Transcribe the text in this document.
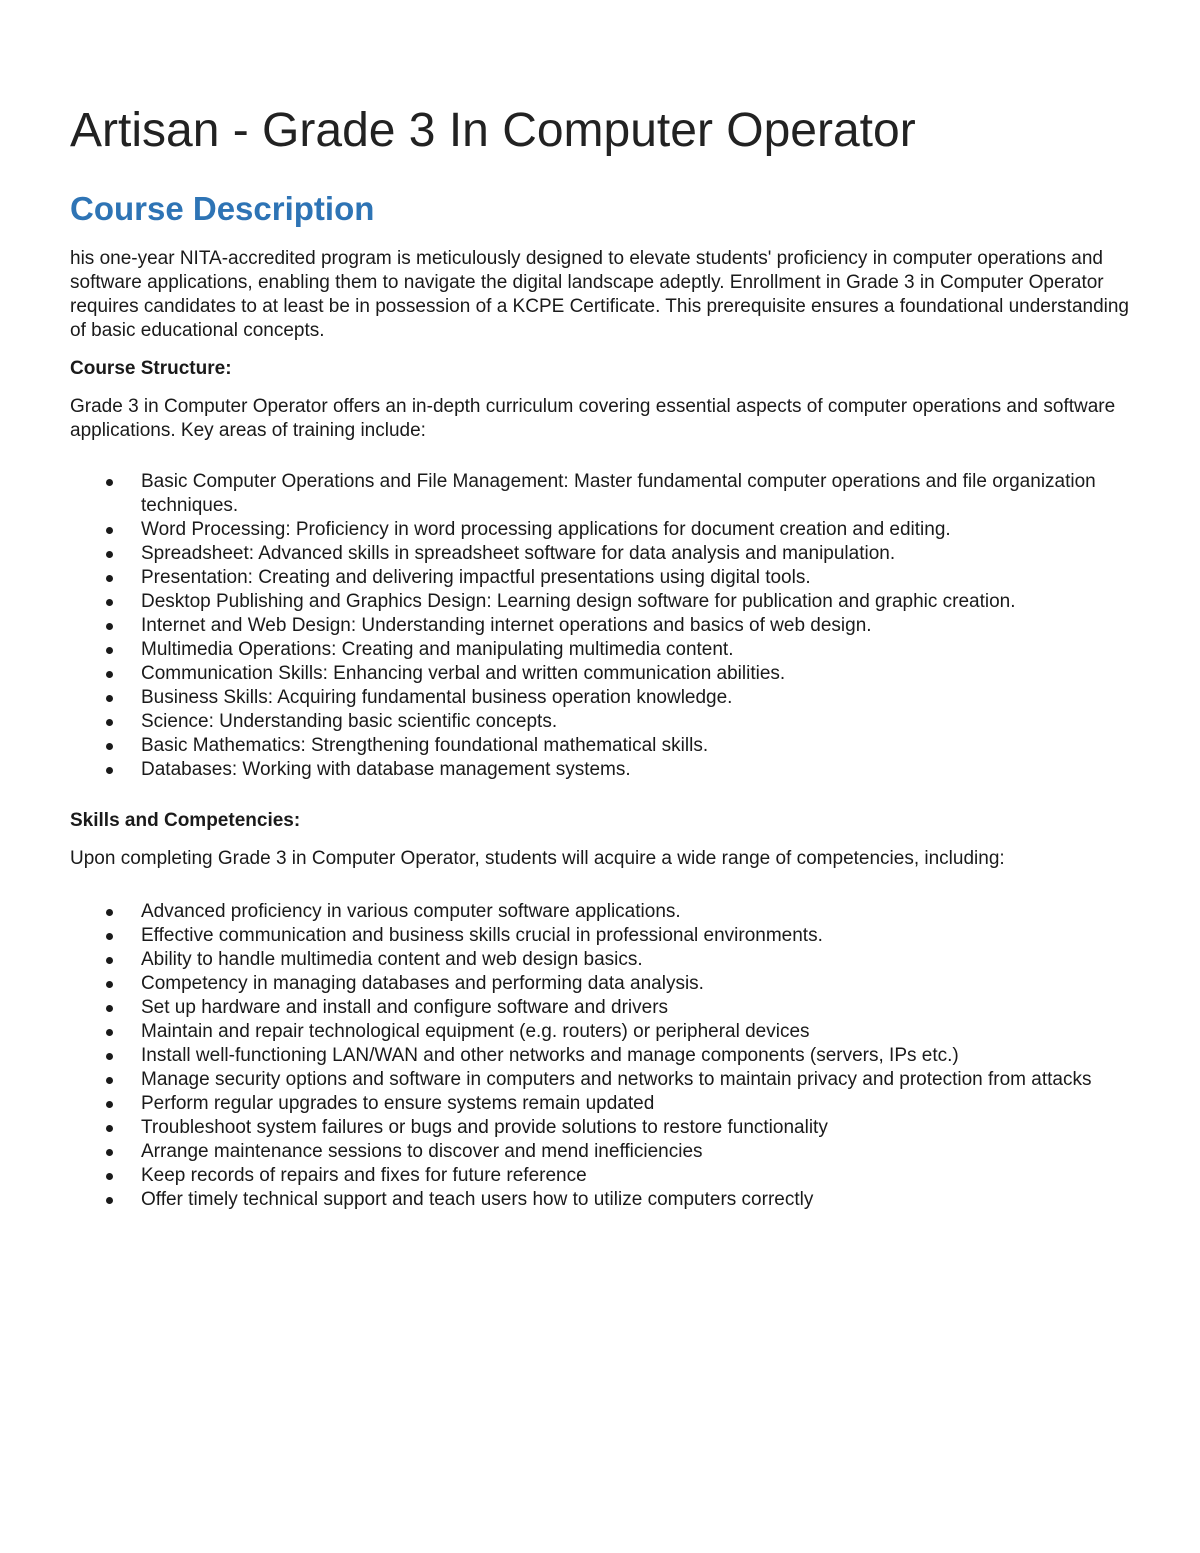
Artisan - Grade 3 In Computer Operator
Course Description

his one-year NITA-accredited program is meticulously designed to elevate students' proficiency in computer operations and software applications, enabling them to navigate the digital landscape adeptly. Enrollment in Grade 3 in Computer Operator requires candidates to at least be in possession of a KCPE Certificate. This prerequisite ensures a foundational understanding of basic educational concepts.

Course Structure:

Grade 3 in Computer Operator offers an in-depth curriculum covering essential aspects of computer operations and software applications. Key areas of training include:

Basic Computer Operations and File Management: Master fundamental computer operations and file organization techniques.
Word Processing: Proficiency in word processing applications for document creation and editing.
Spreadsheet: Advanced skills in spreadsheet software for data analysis and manipulation.
Presentation: Creating and delivering impactful presentations using digital tools.
Desktop Publishing and Graphics Design: Learning design software for publication and graphic creation.
Internet and Web Design: Understanding internet operations and basics of web design.
Multimedia Operations: Creating and manipulating multimedia content.
Communication Skills: Enhancing verbal and written communication abilities.
Business Skills: Acquiring fundamental business operation knowledge.
Science: Understanding basic scientific concepts.
Basic Mathematics: Strengthening foundational mathematical skills.
Databases: Working with database management systems.
Skills and Competencies:

Upon completing Grade 3 in Computer Operator, students will acquire a wide range of competencies, including:

Advanced proficiency in various computer software applications.
Effective communication and business skills crucial in professional environments.
Ability to handle multimedia content and web design basics.
Competency in managing databases and performing data analysis.
Set up hardware and install and configure software and drivers
Maintain and repair technological equipment (e.g. routers) or peripheral devices
Install well-functioning LAN/WAN and other networks and manage components (servers, IPs etc.)
Manage security options and software in computers and networks to maintain privacy and protection from attacks
Perform regular upgrades to ensure systems remain updated
Troubleshoot system failures or bugs and provide solutions to restore functionality
Arrange maintenance sessions to discover and mend inefficiencies
Keep records of repairs and fixes for future reference
Offer timely technical support and teach users how to utilize computers correctly
